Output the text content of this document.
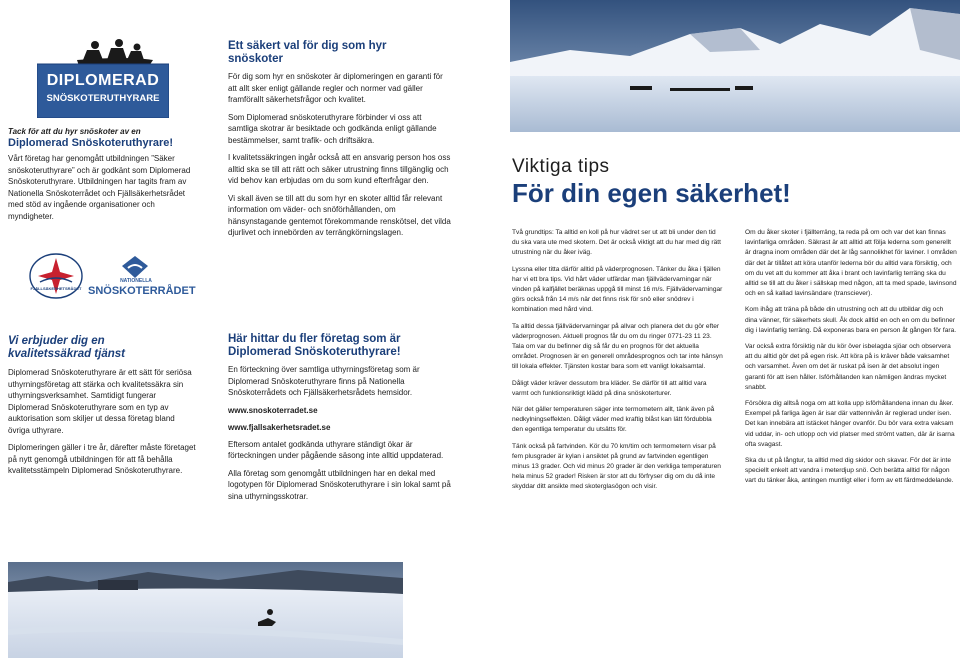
DIPLOMERAD
SNÖSKOTERUTHYRARE

Tack för att du hyr snöskoter av en

Diplomerad Snöskoteruthyrare!

Vårt företag har genomgått utbildningen ”Säker snöskoteruthyrare” och är godkänt som Diplomerad Snöskoteruthyrare. Utbildningen har tagits fram av Nationella Snöskoterrådet och Fjällsäkerhetsrådet med stöd av ingående organisationer och myndigheter.

FJÄLLSÄKERHETSRÅDET
NATIONELLA
SNÖSKOTERRÅDET

Vi erbjuder dig en kvalitetssäkrad tjänst

Diplomerad Snöskoteruthyrare är ett sätt för seriösa uthyrningsföretag att stärka och kvalitetssäkra sin uthyrningsverksamhet. Samtidigt fungerar Diplomerad Snöskoteruthyrare som en typ av auktorisation som skiljer ut dessa företag bland övriga uthyrare.

Diplomeringen gäller i tre år, därefter måste företaget på nytt genomgå utbildningen för att få behålla kvalitetsstämpeln Diplomerad Snöskoteruthyrare.

Ett säkert val för dig som hyr snöskoter

För dig som hyr en snöskoter är diplomeringen en garanti för att allt sker enligt gällande regler och normer vad gäller framförallt säkerhetsfrågor och kvalitet.

Som Diplomerad snöskoteruthyrare förbinder vi oss att samtliga skotrar är besiktade och godkända enligt gällande bestämmelser, samt trafik- och driftsäkra.

I kvalitetssäkringen ingår också att en ansvarig person hos oss alltid ska se till att rätt och säker utrustning finns tillgänglig och vid behov kan erbjudas om du som kund efterfrågar den.

Vi skall även se till att du som hyr en skoter alltid får relevant information om väder- och snöförhållanden, om hänsynstagande gentemot förekommande renskötsel, det vilda djurlivet och innebörden av terrängkörningslagen.

Här hittar du fler företag som är Diplomerad Snöskoteruthyrare!

En förteckning över samtliga uthyrningsföretag som är Diplomerad Snöskoteruthyrare finns på Nationella Snöskoterrådets och Fjällsäkerhetsrådets hemsidor.

www.snoskoterradet.se

www.fjallsakerhetsradet.se

Eftersom antalet godkända uthyrare ständigt ökar är förteckningen under pågående säsong inte alltid uppdaterad.

Alla företag som genomgått utbildningen har en dekal med logotypen för Diplomerad Snöskoteruthyrare i sin lokal samt på sina uthyrningsskotrar.

Viktiga tips
För din egen säkerhet!

Två grundtips: Ta alltid en koll på hur vädret ser ut att bli under den tid du ska vara ute med skotern. Det är också viktigt att du har med dig rätt utrustning när du åker iväg.

Lyssna eller titta därför alltid på väderprognosen. Tänker du åka i fjällen har vi ett bra tips. Vid hårt väder utfärdar man fjällvädervarningar när vinden på kalfjället beräknas uppgå till minst 16 m/s. Fjällvädervarningar görs också från 14 m/s när det finns risk för snö eller snödrev i kombination med hård vind.

Ta alltid dessa fjällvädervarningar på allvar och planera det du gör efter väderprognosen. Aktuell prognos får du om du ringer 0771-23 11 23. Tala om var du befinner dig så får du en prognos för det aktuella området. Prognosen är en generell områdesprognos och tar inte hänsyn till lokala effekter. Tjänsten kostar bara som ett vanligt lokalsamtal.

Dåligt väder kräver dessutom bra kläder. Se därför till att alltid vara varmt och funktionsriktigt klädd på dina snöskoterturer.

När det gäller temperaturen säger inte termometern allt, tänk även på nedkylningseffekten. Dåligt väder med kraftig blåst kan lätt fördubbla den egentliga temperatur du utsätts för.

Tänk också på fartvinden. Kör du 70 km/tim och termometern visar på fem plusgrader är kylan i ansiktet på grund av fartvinden egentligen minus 13 grader. Och vid minus 20 grader är den verkliga temperaturen hela minus 52 grader! Risken är stor att du förfryser dig om du då inte skyddar ditt ansikte med skoterglasögon och visir.

Om du åker skoter i fjällterräng, ta reda på om och var det kan finnas lavinfarliga områden. Säkrast är att alltid att följa lederna som generellt är dragna inom områden där det är låg sannolikhet för laviner. I områden där det är tillåtet att köra utanför lederna bör du alltid vara försiktig, och om du vet att du kommer att åka i brant och lavinfarlig terräng ska du alltid se till att du åker i sällskap med någon, att ta med spade, lavinsond och en så kallad lavinsändare (transciever).

Kom ihåg att träna på både din utrustning och att du utbildar dig och dina vänner, för säkerhets skull. Åk dock alltid en och en om du befinner dig i lavinfarlig terräng. Då exponeras bara en person åt gången för fara.

Var också extra försiktig när du kör över isbelagda sjöar och observera att du alltid gör det på egen risk. Att köra på is kräver både vaksamhet och varsamhet. Även om det är ruskat på isen är det absolut ingen garanti för att isen håller. Isförhållanden kan nämligen ändras mycket snabbt.

Försökra dig alltså noga om att kolla upp isförhållandena innan du åker. Exempel på farliga ägen är isar där vattennivån är reglerad under isen. Det kan innebära att istäcket hänger ovanför. Du bör vara extra vaksam vid uddar, in- och utlopp och vid platser med strömt vatten, där är isarna ofta svagast.

Ska du ut på långtur, ta alltid med dig skidor och skavar. För det är inte speciellt enkelt att vandra i meterdjup snö. Och berätta alltid för någon vart du tänker åka, antingen muntligt eller i form av ett färdmeddelande.
